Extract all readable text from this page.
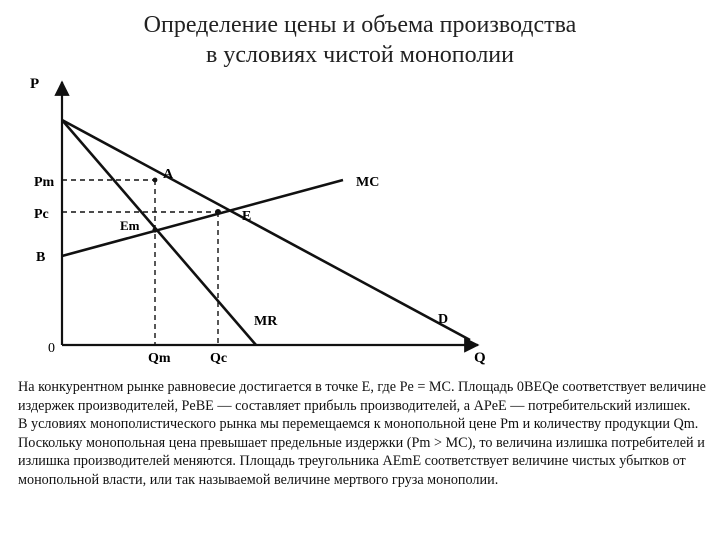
Определение цены и объема производства
в условиях чистой монополии
P
Q
0
Pm
Pc
B
Qm	Qc
A
E
Em
MC
MR	D

На конкурентном рынке равновесие достигается в точке Е, где Pe = MC. Площадь 0BEQe соответствует величине издержек производителей, PeBE — составляет прибыль производителей, а APeE — потребительский излишек.

В условиях монополистического рынка мы перемещаемся к монопольной цене Pm и количеству продукции Qm. Поскольку монопольная цена превышает предельные издержки (Pm > MC), то величина излишка потребителей и излишка производителей меняются. Площадь треугольника AEmE соответствует величине чистых убытков от монопольной власти, или так называемой величине мертвого груза монополии.
